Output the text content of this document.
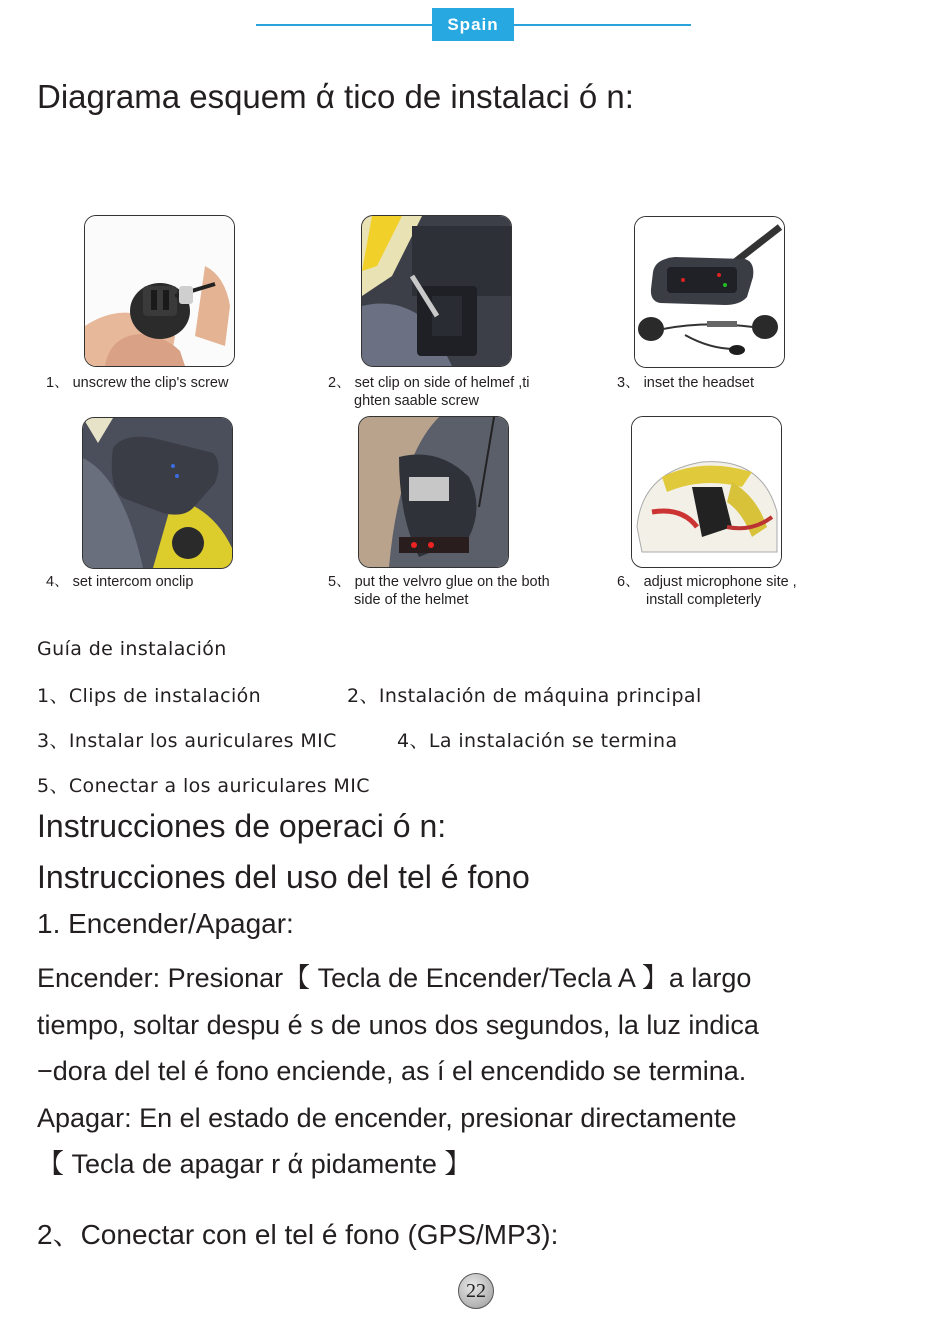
Spain
Diagrama esquem ά tico de instalaci ó n:
1、 unscrew the clip's screw	2、 set clip on side of helmef ,ti
ghten saable screw
3、 inset the headset
4、 set intercom onclip	5、 put the velvro glue on the both
side of the helmet
6、 adjust microphone site ,
install completerly
Guía de instalación
1、Clips de instalación	2、Instalación de máquina principal
3、Instalar los auriculares MIC	4、La instalación se termina
5、Conectar a los auriculares MIC
Instrucciones de operaci ó n:
Instrucciones del uso del tel é fono
1. Encender/Apagar:
Encender: Presionar【 Tecla de Encender/Tecla A 】a largo
tiempo, soltar despu é s de unos dos segundos, la luz indica
−dora del tel é fono enciende, as í el encendido se termina.
Apagar: En el estado de encender, presionar directamente
【 Tecla de apagar r ά pidamente 】
2、Conectar con el tel é fono (GPS/MP3):
22
